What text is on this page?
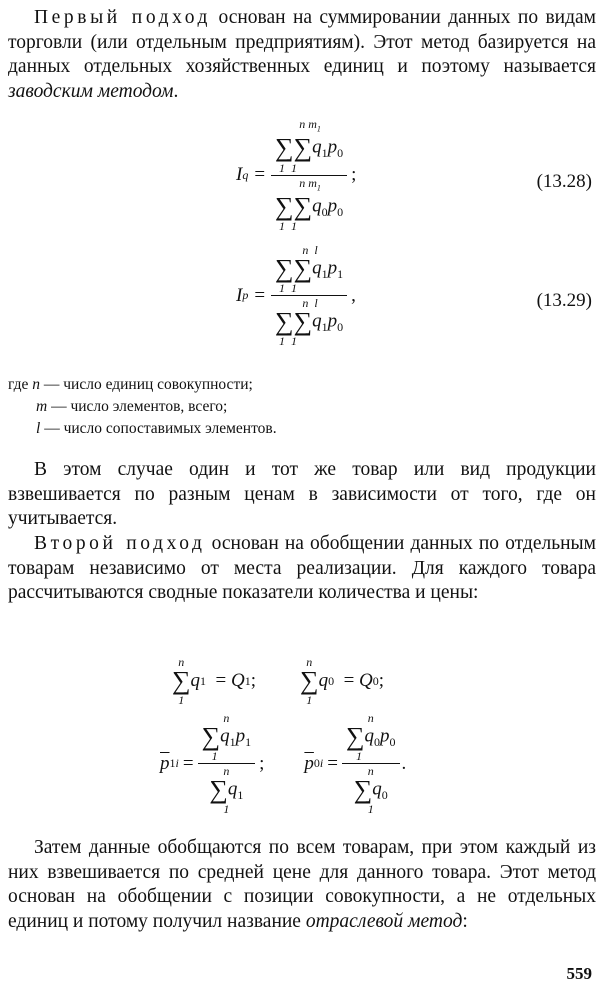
Первый подход основан на суммировании данных по видам торговли (или отдельным предприятиям). Этот метод базируется на данных отдельных хозяйственных единиц и поэтому называется заводским методом.
I q = n $m_1$
$\sum\sum q_1p_0$
1  1
n $m_1$
$\sum\sum q_0p_0$
1  1 ;	(13.28)
I p = n l
$\sum\sum q_1p_1$
1  1
n l
$\sum\sum q_1p_0$
1  1 ,	(13.29)
где n — число единиц совокупности;
m — число элементов, всего;
l — число сопоставимых элементов.
В этом случае один и тот же товар или вид продукции взвешивается по разным ценам в зависимости от того, где он учитывается.
Второй подход основан на обобщении данных по отдельным товарам независимо от места реализации. Для каждого товара рассчитываются сводные показатели количества и цены:
n
∑
1
q 1 = Q 1 ;
n
∑
1
q 0 = Q 0 ;
$\overline{p}$ 1i = n
$\sum q_1p_1$
1
n
$\sum q_1$
1 ; $\overline{p}$ 0i = n
$\sum q_0p_0$
1
n
$\sum q_0$
1 .
Затем данные обобщаются по всем товарам, при этом каждый из них взвешивается по средней цене для данного товара. Этот метод основан на обобщении с позиции совокупности, а не отдельных единиц и потому получил название отраслевой метод:
559
